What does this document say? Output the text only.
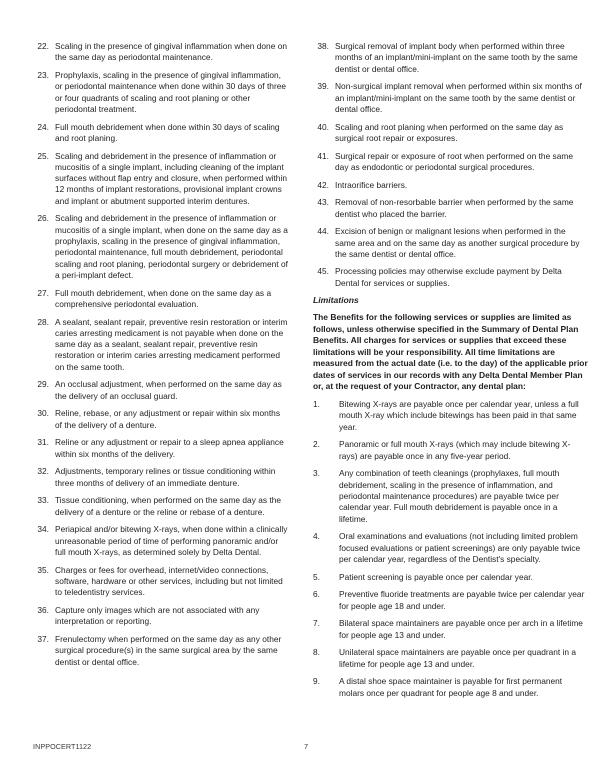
22. Scaling in the presence of gingival inflammation when done on the same day as periodontal maintenance.
23. Prophylaxis, scaling in the presence of gingival inflammation, or periodontal maintenance when done within 30 days of three or four quadrants of scaling and root planing or other periodontal treatment.
24. Full mouth debridement when done within 30 days of scaling and root planing.
25. Scaling and debridement in the presence of inflammation or mucositis of a single implant, including cleaning of the implant surfaces without flap entry and closure, when performed within 12 months of implant restorations, provisional implant crowns and implant or abutment supported interim dentures.
26. Scaling and debridement in the presence of inflammation or mucositis of a single implant, when done on the same day as a prophylaxis, scaling in the presence of gingival inflammation, periodontal maintenance, full mouth debridement, periodontal scaling and root planing, periodontal surgery or debridement of a peri-implant defect.
27. Full mouth debridement, when done on the same day as a comprehensive periodontal evaluation.
28. A sealant, sealant repair, preventive resin restoration or interim caries arresting medicament is not payable when done on the same day as a sealant, sealant repair, preventive resin restoration or interim caries arresting medicament performed on the same tooth.
29. An occlusal adjustment, when performed on the same day as the delivery of an occlusal guard.
30. Reline, rebase, or any adjustment or repair within six months of the delivery of a denture.
31. Reline or any adjustment or repair to a sleep apnea appliance within six months of the delivery.
32. Adjustments, temporary relines or tissue conditioning within three months of delivery of an immediate denture.
33. Tissue conditioning, when performed on the same day as the delivery of a denture or the reline or rebase of a denture.
34. Periapical and/or bitewing X-rays, when done within a clinically unreasonable period of time of performing panoramic and/or full mouth X-rays, as determined solely by Delta Dental.
35. Charges or fees for overhead, internet/video connections, software, hardware or other services, including but not limited to teledentistry services.
36. Capture only images which are not associated with any interpretation or reporting.
37. Frenulectomy when performed on the same day as any other surgical procedure(s) in the same surgical area by the same dentist or dental office.
38. Surgical removal of implant body when performed within three months of an implant/mini-implant on the same tooth by the same dentist or dental office.
39. Non-surgical implant removal when performed within six months of an implant/mini-implant on the same tooth by the same dentist or dental office.
40. Scaling and root planing when performed on the same day as surgical root repair or exposures.
41. Surgical repair or exposure of root when performed on the same day as endodontic or periodontal surgical procedures.
42. Intraorifice barriers.
43. Removal of non-resorbable barrier when performed by the same dentist who placed the barrier.
44. Excision of benign or malignant lesions when performed in the same area and on the same day as another surgical procedure by the same dentist or dental office.
45. Processing policies may otherwise exclude payment by Delta Dental for services or supplies.
Limitations

The Benefits for the following services or supplies are limited as follows, unless otherwise specified in the Summary of Dental Plan Benefits. All charges for services or supplies that exceed these limitations will be your responsibility. All time limitations are measured from the actual date (i.e. to the day) of the applicable prior dates of services in our records with any Delta Dental Member Plan or, at the request of your Contractor, any dental plan:

1.	Bitewing X-rays are payable once per calendar year, unless a full mouth X-ray which include bitewings has been paid in that same year.
2.	Panoramic or full mouth X-rays (which may include bitewing X-rays) are payable once in any five-year period.
3.	Any combination of teeth cleanings (prophylaxes, full mouth debridement, scaling in the presence of inflammation, and periodontal maintenance procedures) are payable twice per calendar year. Full mouth debridement is payable once in a lifetime.
4.	Oral examinations and evaluations (not including limited problem focused evaluations or patient screenings) are only payable twice per calendar year, regardless of the Dentist's specialty.
5.	Patient screening is payable once per calendar year.
6.	Preventive fluoride treatments are payable twice per calendar year for people age 18 and under.
7.	Bilateral space maintainers are payable once per arch in a lifetime for people age 13 and under.
8.	Unilateral space maintainers are payable once per quadrant in a lifetime for people age 13 and under.
9.	A distal shoe space maintainer is payable for first permanent molars once per quadrant for people age 8 and under.
INPPOCERT1122	7
